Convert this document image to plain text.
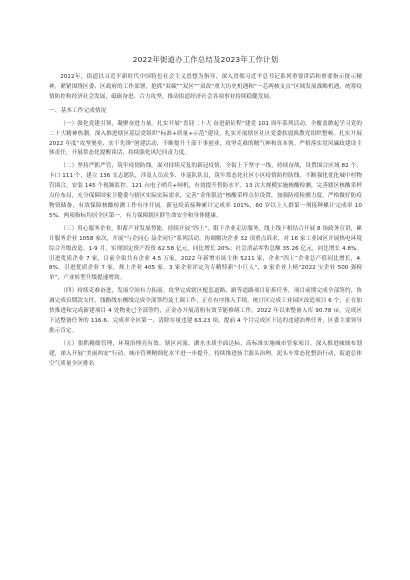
2022年街道办工作总结及2023年工作计划

2022年，街道以习近平新时代中国特色社会主义思想为指导，深入贯彻习近平总书记系列重要讲话和重要指示批示精神，紧紧围绕区委、区政府的工作部署，抢抓“双碳”“双区”“双改”重大历史机遇和“一芯两核支点”区域发展战略机遇，统筹疫情防控和经济社会发展，砥砺奋进、合力攻坚，推动街道经济社会各项事业持续稳健发展。

一、基本工作完成情况

（一）强化党建引领，凝聚奋进力量。扎实开展“喜迎二十大 奋进新征程”建党 101 周年系列活动，全覆盖掀起学习党的二十大精神热潮。深入推进辖区基层党组织“标准+质量+示范”建设，扎实开展辖区社区党委软弱涣散党组织整顿。扎实开展 2022 年度“攻坚堡垒、实干先锋”创建活动，不断提升干部干事创业、攻坚克难的精气神和真本领。严格落实党风廉政建设主体责任，开展常态化提醒谈话，持续强化风纪问责力度。

（二）坚持严抓严管，筑牢疫情防线。面对持续反复的新冠疫情，全街上下坚守一线，持续奋战，设置围合区域 82 个、卡口 111 个，建立 136 支志愿队，涉及人员众多、步巡队队员，筑牢常态化社区小区疫情防控防线。不断强化优化城中村物管围合，安装 145 个视频监控、121 台电子哨兵+闸机，有效提升智防水平。13 次大规模实施核酸检测，完善辖区核酸采样点位布局，充分保障国家卫健委与辖区实际实际需求，完善“金角银边”核酸采样点位设置，加强防疫检测力度。严格做好防疫物资储备，有效保障核酸检测工作有序开展。新冠疫苗接种累计完成率 101%，60 岁以上人群第一剂接种累计完成率 105%，两项指标均居全区第一，有力保障辖区群生命安全和身体健康。

（三）用心服务企业，积蓄产业发展势能。持续开展“四上”、限下企业走访服务，线上线下相结合开展 8 场政务宣讲，累计服务企业 1058 家次，开展“与企同心 益企同行”系列活动，协调解决企业 32 项重点诉求，对 16 家工业园区开展热电环境综合升级改造。1-9 月，实现固定资产投资 62.58 亿元，同比增长 20%；社会消品零售总额 35.26 亿元，同比增长 4.8%。引进优质企业 7 家，目前全街共有企业 4.5 万家，2022 年新增市场主体 5211 家，企业“四上”企业总产值同比增长，4.8%。引进优质企业 7 家，规上企业 405 家，3 家企业评定为专精特新“小巨人”，9 家企业上榜“2022 宝企业 500 强榜单”，产业转型升级提速增效。

（四）持续克难奋进，发展空间有力拓展。攻坚完成辖区配套道路、路等道路项目征拆任务，项目前期完成全部签约，协调完成首期款支付，线路线东侧线完成全部签约及土调工作，正在有序推入手续。统计区完成工业园区改造项目 6 个，正在加快推进和完成新建项目 4 处物业已全部签约，正金办开展清租有效节能修缮工作。2022 年以来整备入库 90.78 亩，完成区下达整备任务的 116.6。完成率全区第一，清除存量违建 63.23 项，提前 4 个月完成区下达的违建治理任务，区委主要领导批示肯定。

（五）狠抓精细管理，环境治理亮有效。辖区河流、湖水水质全面达标，高标准实施城市管家项目。深入推进城域布划建，深入开展“美丽西安”行动，城市管理精细化水平进一步提升。持续推进扬尘源头治理，泥头车常态化整治行动，街道总体空气质量全区排名
